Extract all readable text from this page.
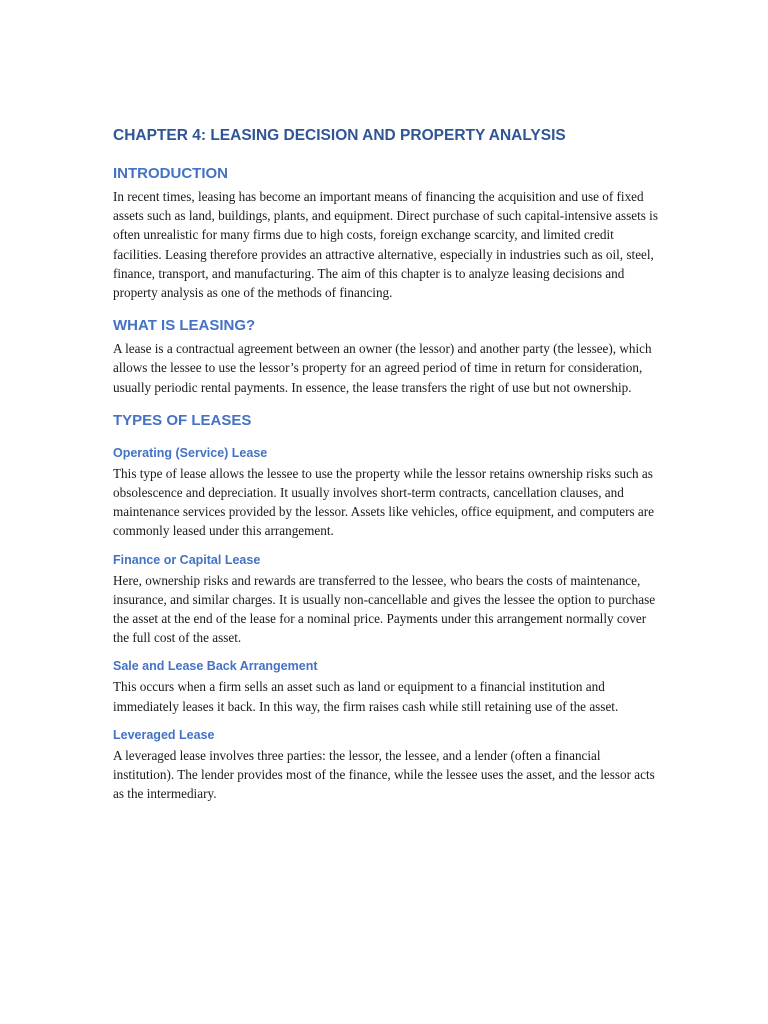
CHAPTER 4: LEASING DECISION AND PROPERTY ANALYSIS
INTRODUCTION

In recent times, leasing has become an important means of financing the acquisition and use of fixed assets such as land, buildings, plants, and equipment. Direct purchase of such capital-intensive assets is often unrealistic for many firms due to high costs, foreign exchange scarcity, and limited credit facilities. Leasing therefore provides an attractive alternative, especially in industries such as oil, steel, finance, transport, and manufacturing. The aim of this chapter is to analyze leasing decisions and property analysis as one of the methods of financing.

WHAT IS LEASING?

A lease is a contractual agreement between an owner (the lessor) and another party (the lessee), which allows the lessee to use the lessor’s property for an agreed period of time in return for consideration, usually periodic rental payments. In essence, the lease transfers the right of use but not ownership.

TYPES OF LEASES
Operating (Service) Lease

This type of lease allows the lessee to use the property while the lessor retains ownership risks such as obsolescence and depreciation. It usually involves short-term contracts, cancellation clauses, and maintenance services provided by the lessor. Assets like vehicles, office equipment, and computers are commonly leased under this arrangement.

Finance or Capital Lease

Here, ownership risks and rewards are transferred to the lessee, who bears the costs of maintenance, insurance, and similar charges. It is usually non-cancellable and gives the lessee the option to purchase the asset at the end of the lease for a nominal price. Payments under this arrangement normally cover the full cost of the asset.

Sale and Lease Back Arrangement

This occurs when a firm sells an asset such as land or equipment to a financial institution and immediately leases it back. In this way, the firm raises cash while still retaining use of the asset.

Leveraged Lease

A leveraged lease involves three parties: the lessor, the lessee, and a lender (often a financial institution). The lender provides most of the finance, while the lessee uses the asset, and the lessor acts as the intermediary.
